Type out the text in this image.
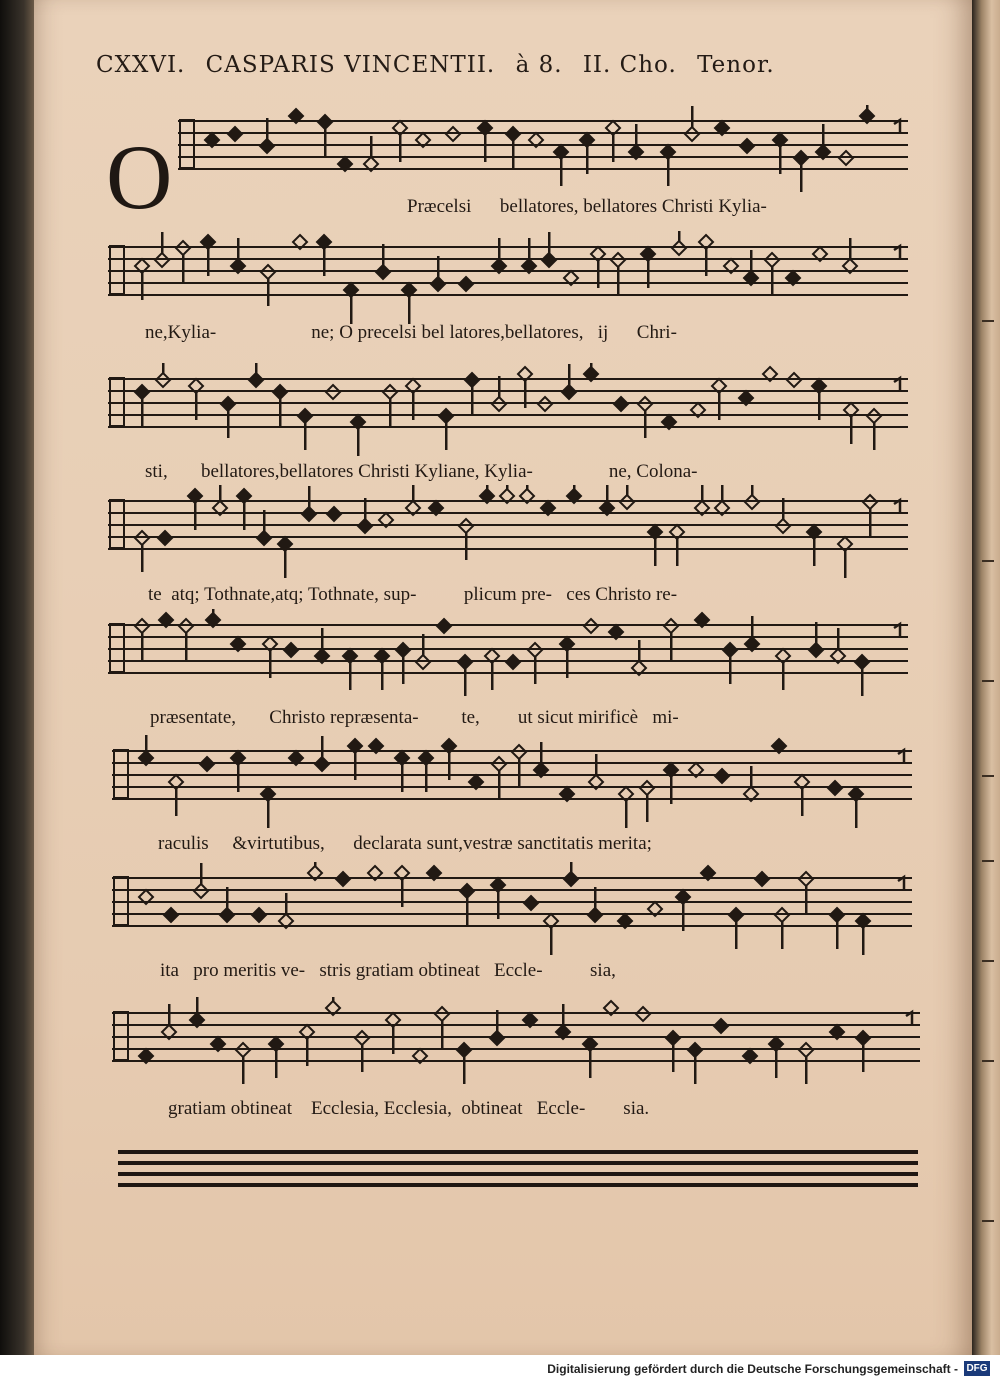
CXXVI. CASPARIS VINCENTII. à 8. II. Cho. Tenor.
O	Præcelsi bellatores, bellatores Christi Kylia-
ne,Kylia-	ne; O precelsi bel latores,bellatores, ij Chri-
sti, bellatores,bellatores Christi Kyliane, Kylia-	ne, Colona-
te atq; Tothnate,atq; Tothnate, sup-	plicum pre- ces Christo re-
præsentate, Christo repræsenta- te, ut sicut mirificè mi-
raculis &virtutibus, declarata sunt,vestræ sanctitatis merita;
ita pro meritis ve- stris gratiam obtineat Eccle-	sia,
gratiam obtineat Ecclesia, Ecclesia, obtineat Eccle- sia.
Digitalisierung gefördert durch die Deutsche Forschungsgemeinschaft - DFG
